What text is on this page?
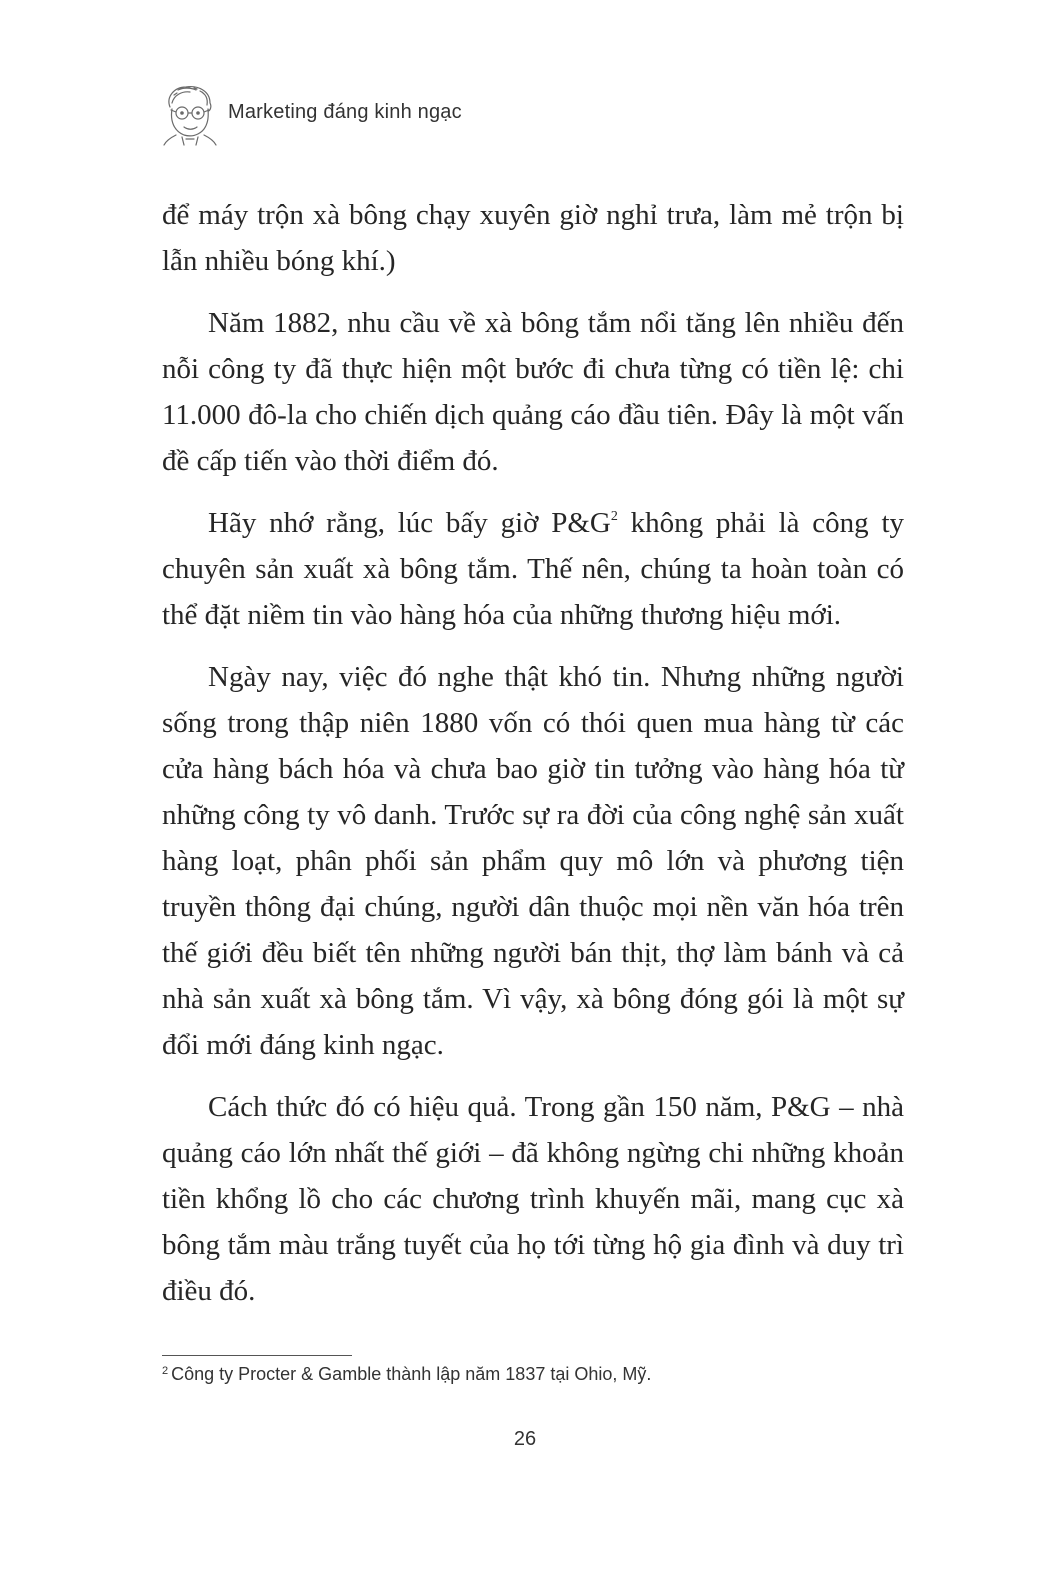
Marketing đáng kinh ngạc

để máy trộn xà bông chạy xuyên giờ nghỉ trưa, làm mẻ trộn bị lẫn nhiều bóng khí.)

Năm 1882, nhu cầu về xà bông tắm nổi tăng lên nhiều đến nỗi công ty đã thực hiện một bước đi chưa từng có tiền lệ: chi 11.000 đô-la cho chiến dịch quảng cáo đầu tiên. Đây là một vấn đề cấp tiến vào thời điểm đó.

Hãy nhớ rằng, lúc bấy giờ P&G$^2$ không phải là công ty chuyên sản xuất xà bông tắm. Thế nên, chúng ta hoàn toàn có thể đặt niềm tin vào hàng hóa của những thương hiệu mới.

Ngày nay, việc đó nghe thật khó tin. Nhưng những người sống trong thập niên 1880 vốn có thói quen mua hàng từ các cửa hàng bách hóa và chưa bao giờ tin tưởng vào hàng hóa từ những công ty vô danh. Trước sự ra đời của công nghệ sản xuất hàng loạt, phân phối sản phẩm quy mô lớn và phương tiện truyền thông đại chúng, người dân thuộc mọi nền văn hóa trên thế giới đều biết tên những người bán thịt, thợ làm bánh và cả nhà sản xuất xà bông tắm. Vì vậy, xà bông đóng gói là một sự đổi mới đáng kinh ngạc.

Cách thức đó có hiệu quả. Trong gần 150 năm, P&G – nhà quảng cáo lớn nhất thế giới – đã không ngừng chi những khoản tiền khổng lồ cho các chương trình khuyến mãi, mang cục xà bông tắm màu trắng tuyết của họ tới từng hộ gia đình và duy trì điều đó.

$^2$ Công ty Procter & Gamble thành lập năm 1837 tại Ohio, Mỹ.
26
